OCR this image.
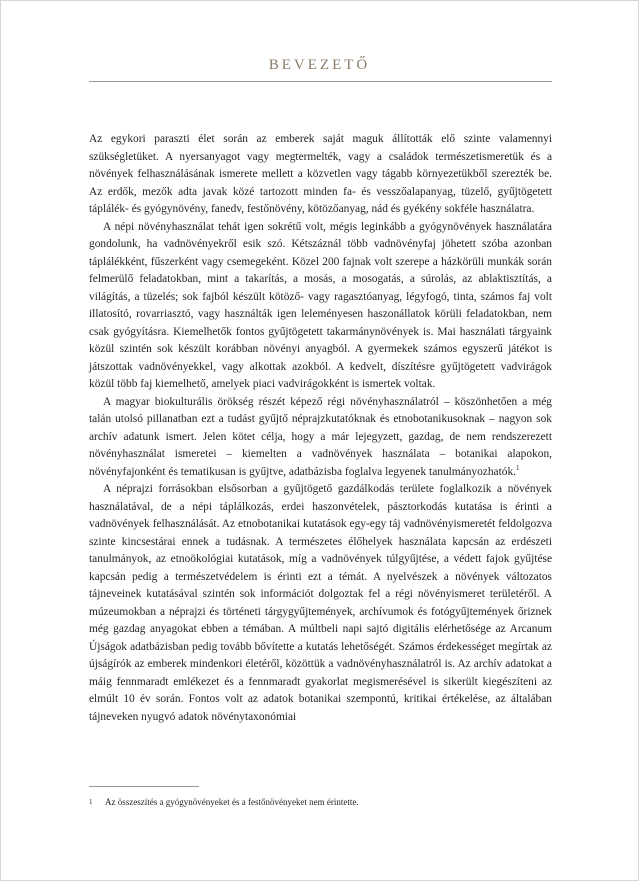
BEVEZETŐ

Az egykori paraszti élet során az emberek saját maguk állították elő szinte valamennyi szükségletüket. A nyersanyagot vagy megtermelték, vagy a családok természetismeretük és a növények felhasználásának ismerete mellett a közvetlen vagy tágabb környezetükből szerezték be. Az erdők, mezők adta javak közé tartozott minden fa- és vesszőalapanyag, tüzelő, gyűjtögetett táplálék- és gyógynövény, fanedv, festőnövény, kötözőanyag, nád és gyékény sokféle használatra.

A népi növényhasználat tehát igen sokrétű volt, mégis leginkább a gyógynövények használatára gondolunk, ha vadnövényekről esik szó. Kétszáznál több vadnövényfaj jöhetett szóba azonban táplálékként, fűszerként vagy csemegeként. Közel 200 fajnak volt szerepe a házkörüli munkák során felmerülő feladatokban, mint a takarítás, a mosás, a mosogatás, a súrolás, az ablaktisztítás, a világítás, a tüzelés; sok fajból készült kötöző- vagy ragasztóanyag, légyfogó, tinta, számos faj volt illatosító, rovarriasztó, vagy használták igen leleményesen haszonállatok körüli feladatokban, nem csak gyógyításra. Kiemelhetők fontos gyűjtögetett takarmánynövények is. Mai használati tárgyaink közül szintén sok készült korábban növényi anyagból. A gyermekek számos egyszerű játékot is játszottak vadnövényekkel, vagy alkottak azokból. A kedvelt, díszítésre gyűjtögetett vadvirágok közül több faj kiemelhető, amelyek piaci vadvirágokként is ismertek voltak.

A magyar biokulturális örökség részét képező régi növényhasználatról – köszönhetően a még talán utolsó pillanatban ezt a tudást gyűjtő néprajzkutatóknak és etnobotanikusoknak – nagyon sok archív adatunk ismert. Jelen kötet célja, hogy a már lejegyzett, gazdag, de nem rendszerezett növényhasználat ismeretei – kiemelten a vadnövények használata – botanikai alapokon, növényfajonként és tematikusan is gyűjtve, adatbázisba foglalva legyenek tanulmányozhatók.$^1$

A néprajzi forrásokban elsősorban a gyűjtögető gazdálkodás területe foglalkozik a növények használatával, de a népi táplálkozás, erdei haszonvételek, pásztorkodás kutatása is érinti a vadnövények felhasználását. Az etnobotanikai kutatások egy-egy táj vadnövényismeretét feldolgozva szinte kincsestárai ennek a tudásnak. A természetes élőhelyek használata kapcsán az erdészeti tanulmányok, az etnoökológiai kutatások, míg a vadnövények túlgyűjtése, a védett fajok gyűjtése kapcsán pedig a természetvédelem is érinti ezt a témát. A nyelvészek a növények változatos tájneveinek kutatásával szintén sok információt dolgoztak fel a régi növényismeret területéről. A múzeumokban a néprajzi és történeti tárgygyűjtemények, archívumok és fotógyűjtemények őriznek még gazdag anyagokat ebben a témában. A múltbeli napi sajtó digitális elérhetősége az Arcanum Újságok adatbázisban pedig tovább bővítette a kutatás lehetőségét. Számos érdekességet megírtak az újságírók az emberek mindenkori életéről, közöttük a vadnövényhasználatról is. Az archív adatokat a máig fennmaradt emlékezet és a fennmaradt gyakorlat megismerésével is sikerült kiegészíteni az elmúlt 10 év során. Fontos volt az adatok botanikai szempontú, kritikai értékelése, az általában tájneveken nyugvó adatok növénytaxonómiai

1 Az összeszítés a gyógynövényeket és a festőnövényeket nem érintette.
